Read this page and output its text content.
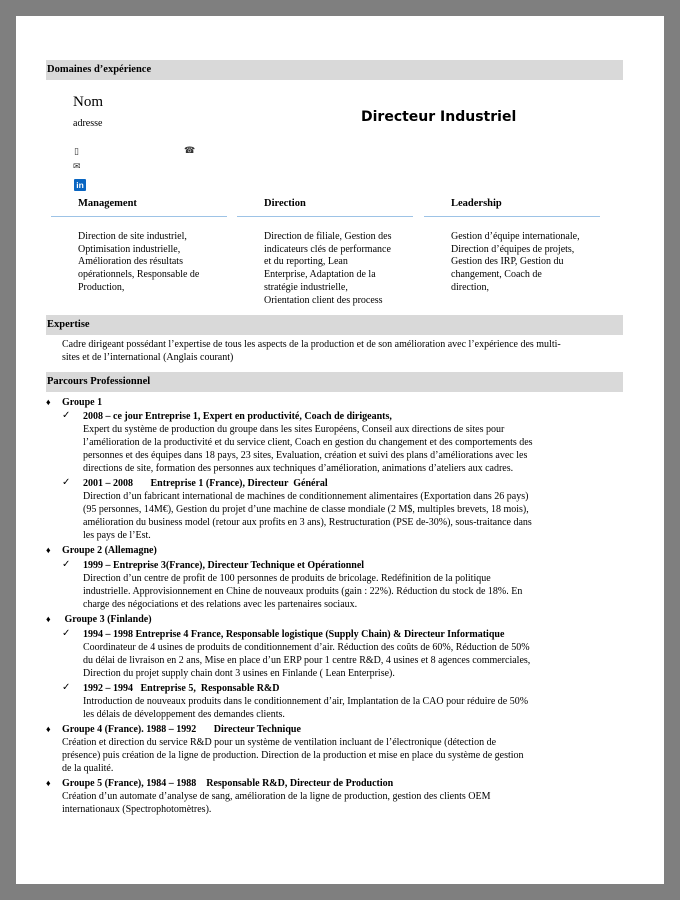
Domaines d’expérience
Nom
adresse	Directeur Industriel
▯	☎
✉
in
Management

Direction de site industriel,
Optimisation industrielle,
Amélioration des résultats
opérationnels, Responsable de
Production,

Direction

Direction de filiale, Gestion des
indicateurs clés de performance
et du reporting, Lean
Enterprise, Adaptation de la
stratégie industrielle,
Orientation client des process

Leadership

Gestion d’équipe internationale,
Direction d’équipes de projets,
Gestion des IRP, Gestion du
changement, Coach de
direction,

Expertise
Cadre dirigeant possédant l’expertise de tous les aspects de la production et de son amélioration avec l’expérience des multi-
sites et de l’international (Anglais courant)
Parcours Professionnel
♦ Groupe 1
✓ 2008 – ce jour Entreprise 1, Expert en productivité, Coach de dirigeants,
Expert du système de production du groupe dans les sites Européens, Conseil aux directions de sites pour
l’amélioration de la productivité et du service client, Coach en gestion du changement et des comportements des
personnes et des équipes dans 18 pays, 23 sites, Evaluation, création et suivi des plans d’améliorations avec les
directions de site, formation des personnes aux techniques d’amélioration, animations d’ateliers aux cadres.
✓ 2001 – 2008       Entreprise 1 (France), Directeur  Général
Direction d’un fabricant international de machines de conditionnement alimentaires (Exportation dans 26 pays)
(95 personnes, 14M€), Gestion du projet d’une machine de classe mondiale (2 M$, multiples brevets, 18 mois),
amélioration du business model (retour aux profits en 3 ans), Restructuration (PSE de-30%), sous-traitance dans
les pays de l’Est.
♦ Groupe 2 (Allemagne)
✓ 1999 – Entreprise 3(France), Directeur Technique et Opérationnel
Direction d’un centre de profit de 100 personnes de produits de bricolage. Redéfinition de la politique
industrielle. Approvisionnement en Chine de nouveaux produits (gain : 22%). Réduction du stock de 18%. En
charge des négociations et des relations avec les partenaires sociaux.
♦ Groupe 3 (Finlande)
✓ 1994 – 1998 Entreprise 4 France, Responsable logistique (Supply Chain) & Directeur Informatique
Coordinateur de 4 usines de produits de conditionnement d’air. Réduction des coûts de 60%, Réduction de 50%
du délai de livraison en 2 ans, Mise en place d’un ERP pour 1 centre R&D, 4 usines et 8 agences commerciales,
Direction du projet supply chain dont 3 usines en Finlande ( Lean Enterprise).
✓ 1992 – 1994   Entreprise 5,  Responsable R&D
Introduction de nouveaux produits dans le conditionnement d’air, Implantation de la CAO pour réduire de 50%
les délais de développement des demandes clients.
♦ Groupe 4 (France). 1988 – 1992       Directeur Technique
Création et direction du service R&D pour un système de ventilation incluant de l’électronique (détection de
présence) puis création de la ligne de production. Direction de la production et mise en place du système de gestion
de la qualité.
♦ Groupe 5 (France), 1984 – 1988    Responsable R&D, Directeur de Production
Création d’un automate d’analyse de sang, amélioration de la ligne de production, gestion des clients OEM
internationaux (Spectrophotomètres).
